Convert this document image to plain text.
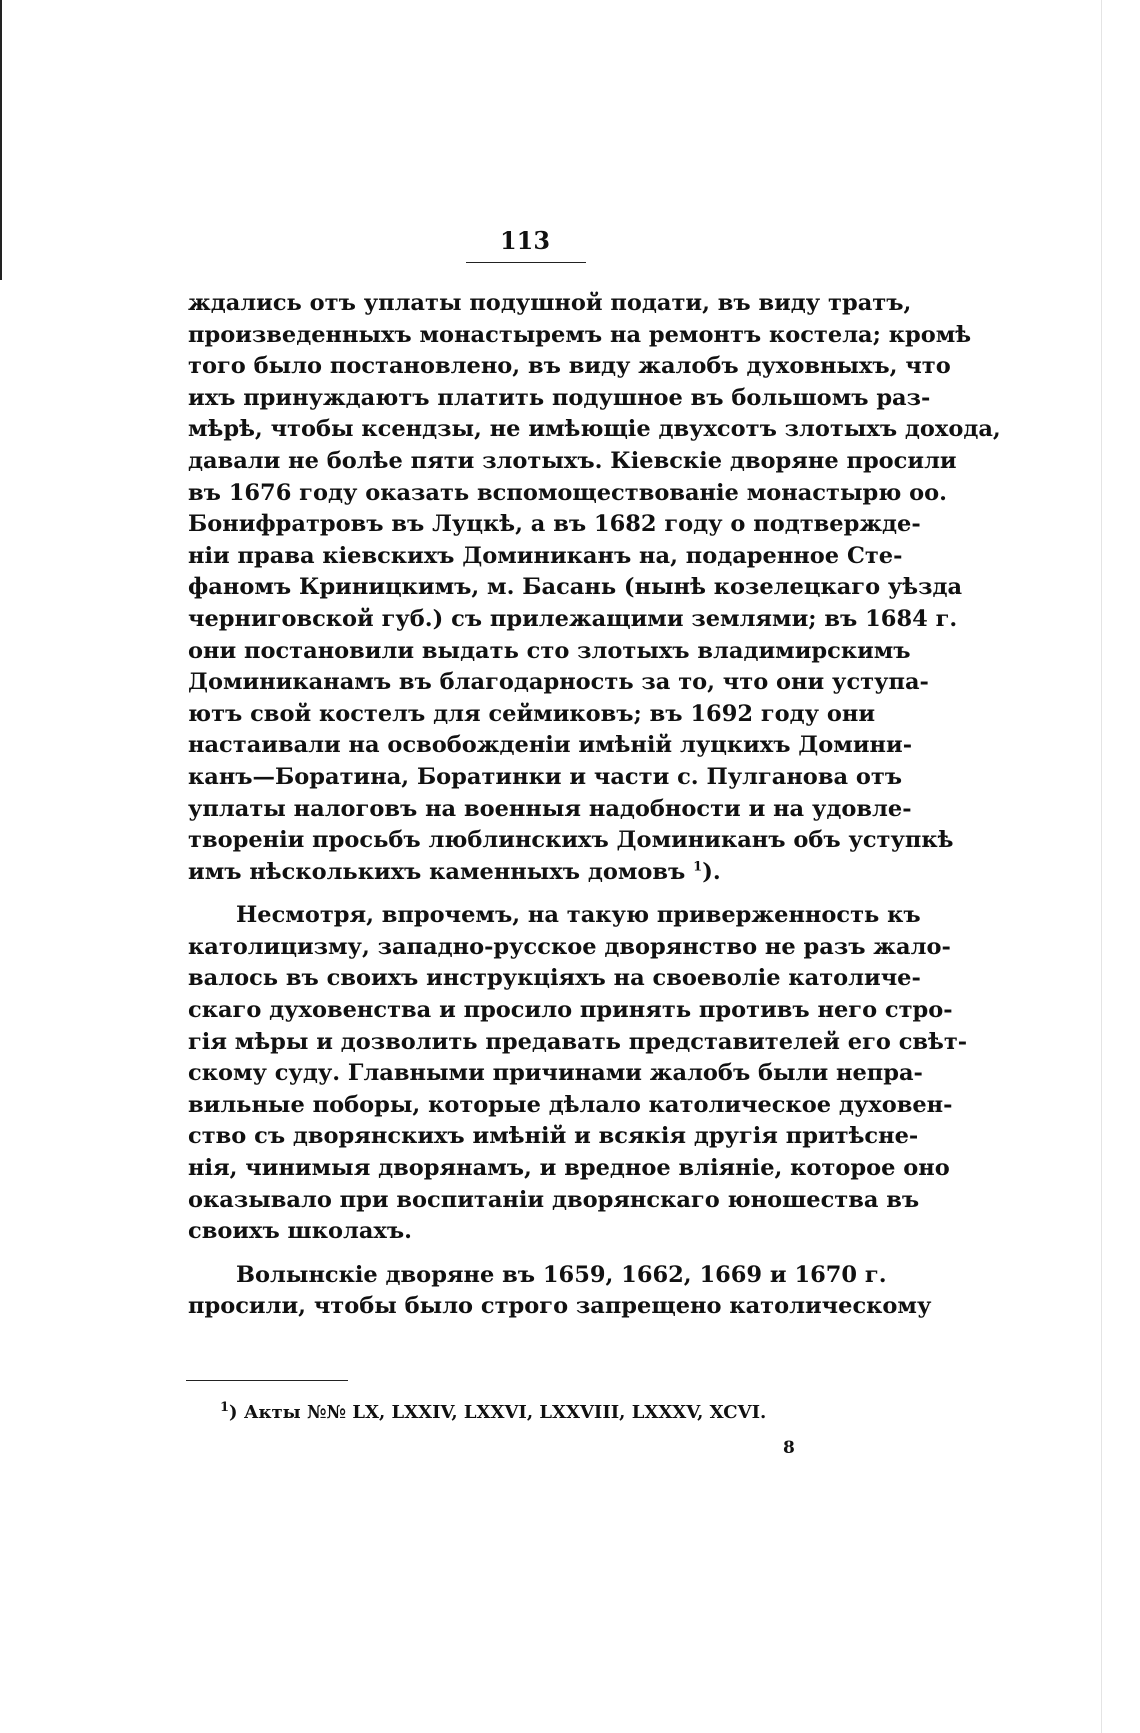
113
ждались отъ уплаты подушной подати, въ виду тратъ,
произведенныхъ монастыремъ на ремонтъ костела; кромѣ
того было постановлено, въ виду жалобъ духовныхъ, что
ихъ принуждаютъ платить подушное въ большомъ раз-
мѣрѣ, чтобы ксендзы, не имѣющіе двухсотъ злотыхъ дохода,
давали не болѣе пяти злотыхъ. Кіевскіе дворяне просили
въ 1676 году оказать вспомоществованіе монастырю оо.
Бонифратровъ въ Луцкѣ, а въ 1682 году о подтвержде-
ніи права кіевскихъ Доминиканъ на, подаренное Сте-
фаномъ Криницкимъ, м. Басань (нынѣ козелецкаго уѣзда
черниговской губ.) съ прилежащими землями; въ 1684 г.
они постановили выдать сто злотыхъ владимирскимъ
Доминиканамъ въ благодарность за то, что они уступа-
ютъ свой костелъ для сеймиковъ; въ 1692 году они
настаивали на освобожденіи имѣній луцкихъ Домини-
канъ—Боратина, Боратинки и части с. Пулганова отъ
уплаты налоговъ на военныя надобности и на удовле-
твореніи просьбъ люблинскихъ Доминиканъ объ уступкѣ
имъ нѣсколькихъ каменныхъ домовъ $^1$).
Несмотря, впрочемъ, на такую приверженность къ
католицизму, западно-русское дворянство не разъ жало-
валось въ своихъ инструкціяхъ на своеволіе католиче-
скаго духовенства и просило принять противъ него стро-
гія мѣры и дозволить предавать представителей его свѣт-
скому суду. Главными причинами жалобъ были непра-
вильные поборы, которые дѣлало католическое духовен-
ство съ дворянскихъ имѣній и всякія другія притѣсне-
нія, чинимыя дворянамъ, и вредное вліяніе, которое оно
оказывало при воспитаніи дворянскаго юношества въ
своихъ школахъ.
Волынскіе дворяне въ 1659, 1662, 1669 и 1670 г.
просили, чтобы было строго запрещено католическому
$^1$) Акты №№ LX, LXXIV, LXXVI, LXXVIII, LXXXV, XCVI.
8
